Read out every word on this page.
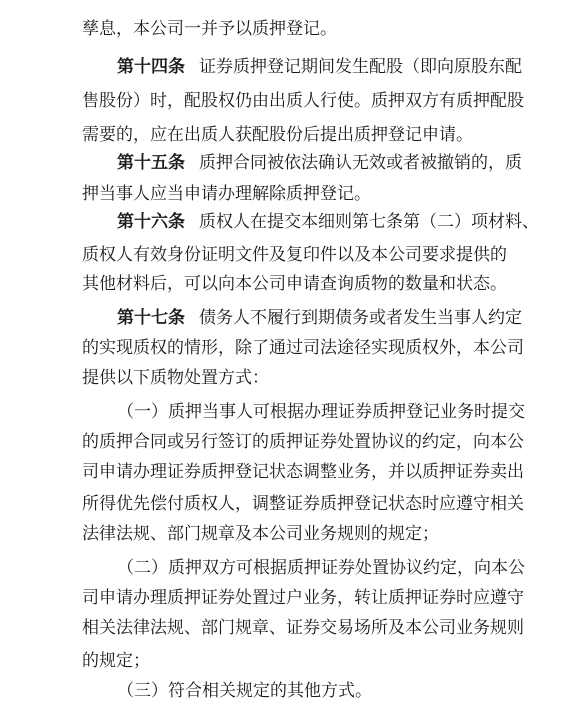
孳息，本公司一并予以质押登记。
第十四条 证券质押登记期间发生配股（即向原股东配
售股份）时，配股权仍由出质人行使。质押双方有质押配股
需要的，应在出质人获配股份后提出质押登记申请。
第十五条 质押合同被依法确认无效或者被撤销的，质
押当事人应当申请办理解除质押登记。
第十六条 质权人在提交本细则第七条第（二）项材料、
质权人有效身份证明文件及复印件以及本公司要求提供的
其他材料后，可以向本公司申请查询质物的数量和状态。
第十七条 债务人不履行到期债务或者发生当事人约定
的实现质权的情形，除了通过司法途径实现质权外，本公司
提供以下质物处置方式：
（一）质押当事人可根据办理证券质押登记业务时提交
的质押合同或另行签订的质押证券处置协议的约定，向本公
司申请办理证券质押登记状态调整业务，并以质押证券卖出
所得优先偿付质权人，调整证券质押登记状态时应遵守相关
法律法规、部门规章及本公司业务规则的规定；
（二）质押双方可根据质押证券处置协议约定，向本公
司申请办理质押证券处置过户业务，转让质押证券时应遵守
相关法律法规、部门规章、证券交易场所及本公司业务规则
的规定；
（三）符合相关规定的其他方式。
